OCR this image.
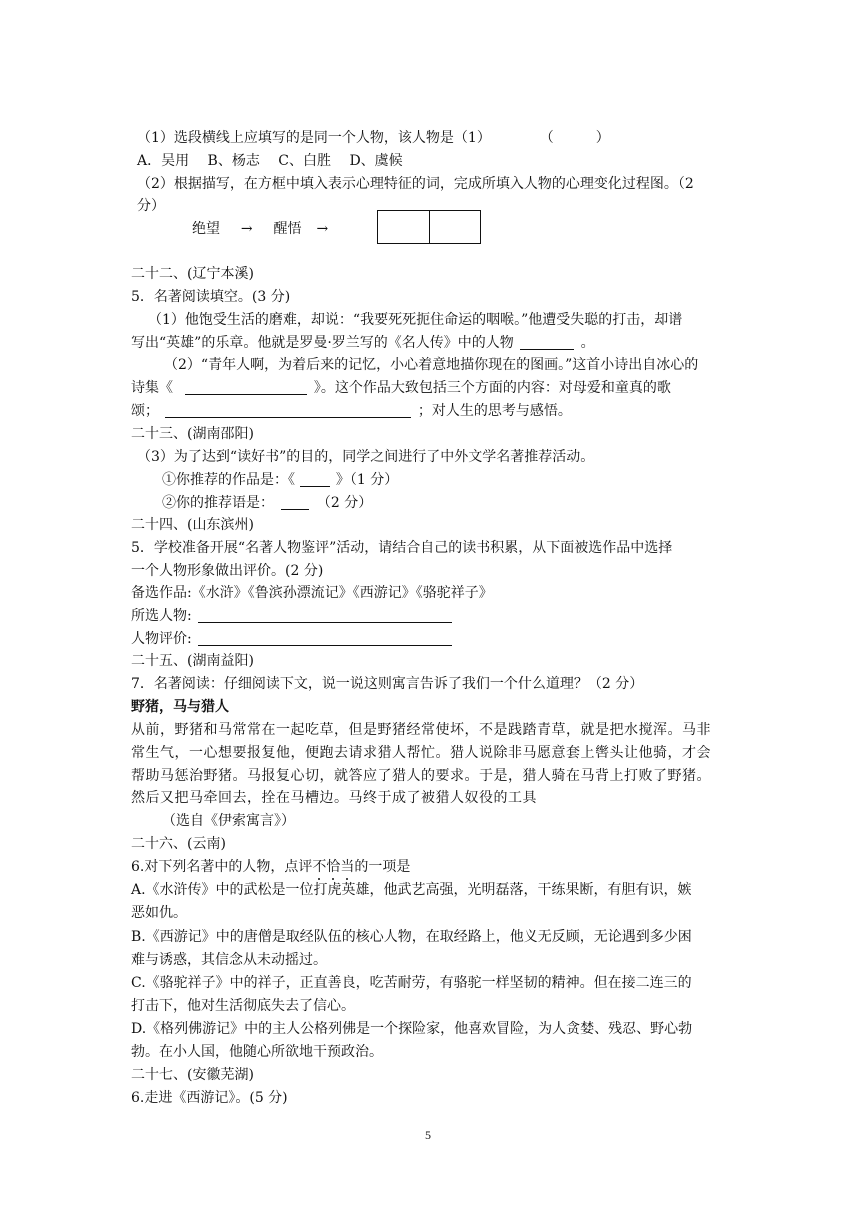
（1）选段横线上应填写的是同一个人物，该人物是（1）	（　　　）
A．吴用　 B、杨志　 C、白胜　 D、虞候
（2）根据描写，在方框中填入表示心理特征的词，完成所填入人物的心理变化过程图。（2
分）
绝望 → 醒悟 →
二十二、(辽宁本溪)
5．名著阅读填空。(3 分)
（1）他饱受生活的磨难，却说：“我要死死扼住命运的咽喉。”他遭受失聪的打击，却谱
写出“英雄”的乐章。他就是罗曼·罗兰写的《名人传》中的人物	。
（2）“青年人啊，为着后来的记忆，小心着意地描你现在的图画。”这首小诗出自冰心的
诗集《	》。这个作品大致包括三个方面的内容：对母爱和童真的歌
颂；	；对人生的思考与感悟。
二十三、(湖南邵阳)
（3）为了达到“读好书”的目的，同学之间进行了中外文学名著推荐活动。
①你推荐的作品是：《	》（1 分）
②你的推荐语是：	（2 分）
二十四、(山东滨州)
5．学校准备开展“名著人物鉴评”活动，请结合自己的读书积累，从下面被选作品中选择
一个人物形象做出评价。(2 分)
备选作品:《水浒》《鲁滨孙漂流记》《西游记》《骆驼祥子》
所选人物:
人物评价:
二十五、(湖南益阳)
7．名著阅读：仔细阅读下文，说一说这则寓言告诉了我们一个什么道理？（2 分）
野猪，马与猎人
从前，野猪和马常常在一起吃草，但是野猪经常使坏，不是践踏青草，就是把水搅浑。马非
常生气，一心想要报复他，便跑去请求猎人帮忙。猎人说除非马愿意套上辔头让他骑，才会
帮助马惩治野猪。马报复心切，就答应了猎人的要求。于是，猎人骑在马背上打败了野猪。
然后又把马牵回去，拴在马槽边。马终于成了被猎人奴役的工具
（选自《伊索寓言》）
二十六、(云南)
6.对下列名著中的人物，点评不恰当的一项是
A.《水浒传》中的武松是一位打虎英雄，他武艺高强，光明磊落，干练果断，有胆有识，嫉
恶如仇。
B.《西游记》中的唐僧是取经队伍的核心人物，在取经路上，他义无反顾，无论遇到多少困
难与诱惑，其信念从未动摇过。
C.《骆驼祥子》中的祥子，正直善良，吃苦耐劳，有骆驼一样坚韧的精神。但在接二连三的
打击下，他对生活彻底失去了信心。
D.《格列佛游记》中的主人公格列佛是一个探险家，他喜欢冒险，为人贪婪、残忍、野心勃
勃。在小人国，他随心所欲地干预政治。
二十七、(安徽芜湖)
6.走进《西游记》。(5 分)
5
